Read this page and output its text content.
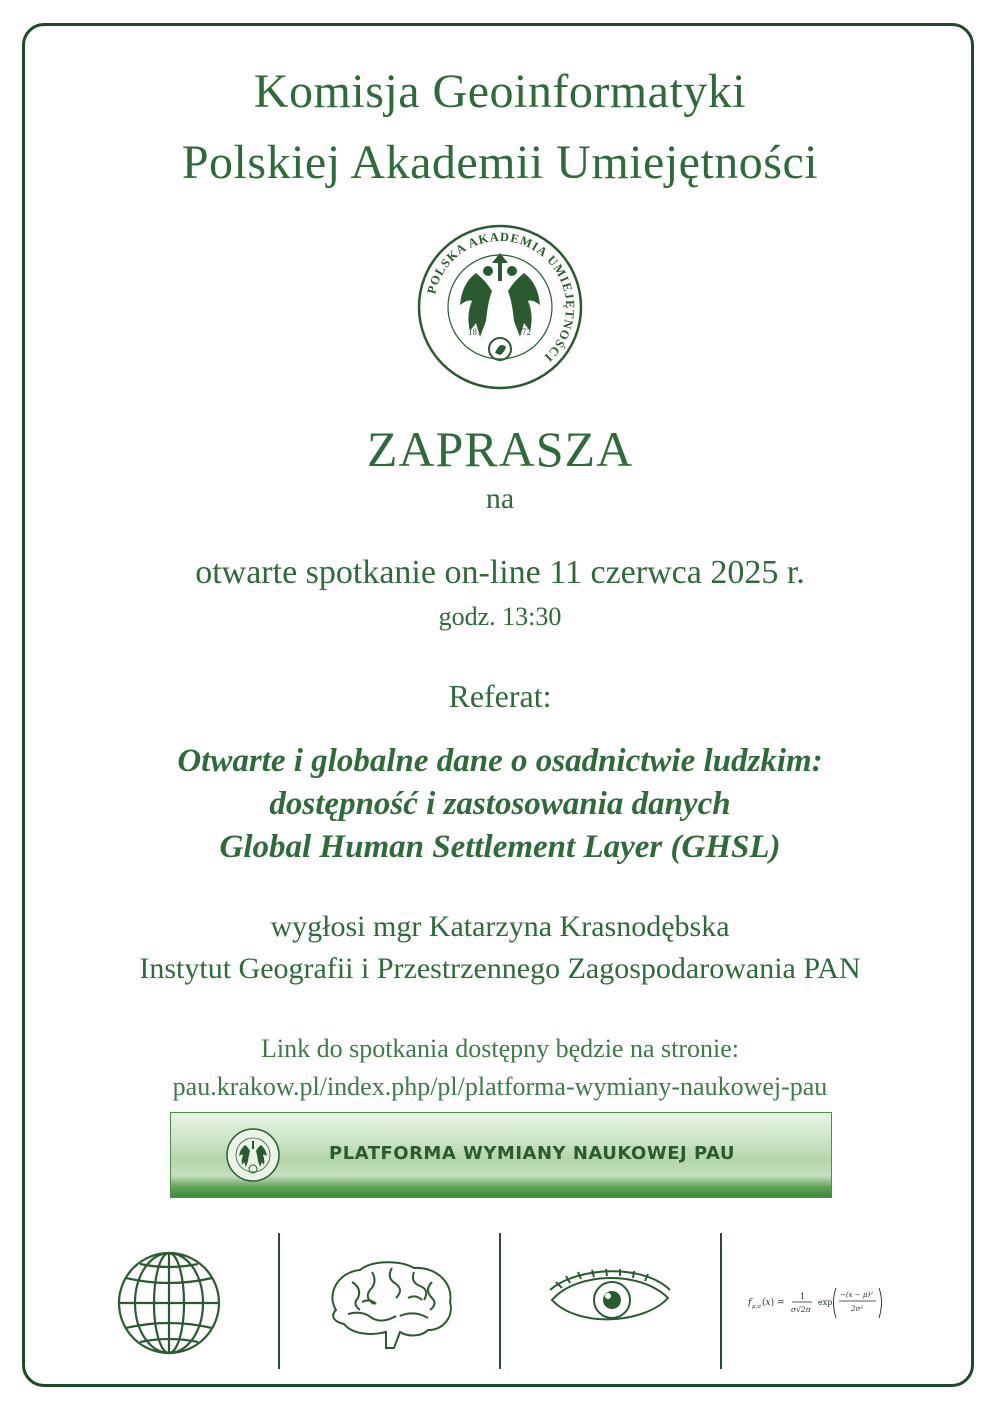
Komisja Geoinformatyki
Polskiej Akademii Umiejętności
POLSKA AKADEMIA UMIEJĘTNOŚCI
18	72
ZAPRASZA
na
otwarte spotkanie on-line 11 czerwca 2025 r.
godz. 13:30
Referat:
Otwarte i globalne dane o osadnictwie ludzkim:
dostępność i zastosowania danych
Global Human Settlement Layer (GHSL)
wygłosi mgr Katarzyna Krasnodębska
Instytut Geografii i Przestrzennego Zagospodarowania PAN
Link do spotkania dostępny będzie na stronie:
pau.krakow.pl/index.php/pl/platforma-wymiany-naukowej-pau
PLATFORMA WYMIANY NAUKOWEJ PAU
f μ,σ (x) =
1
σ√2π
exp
−(x − μ)²
2σ²
